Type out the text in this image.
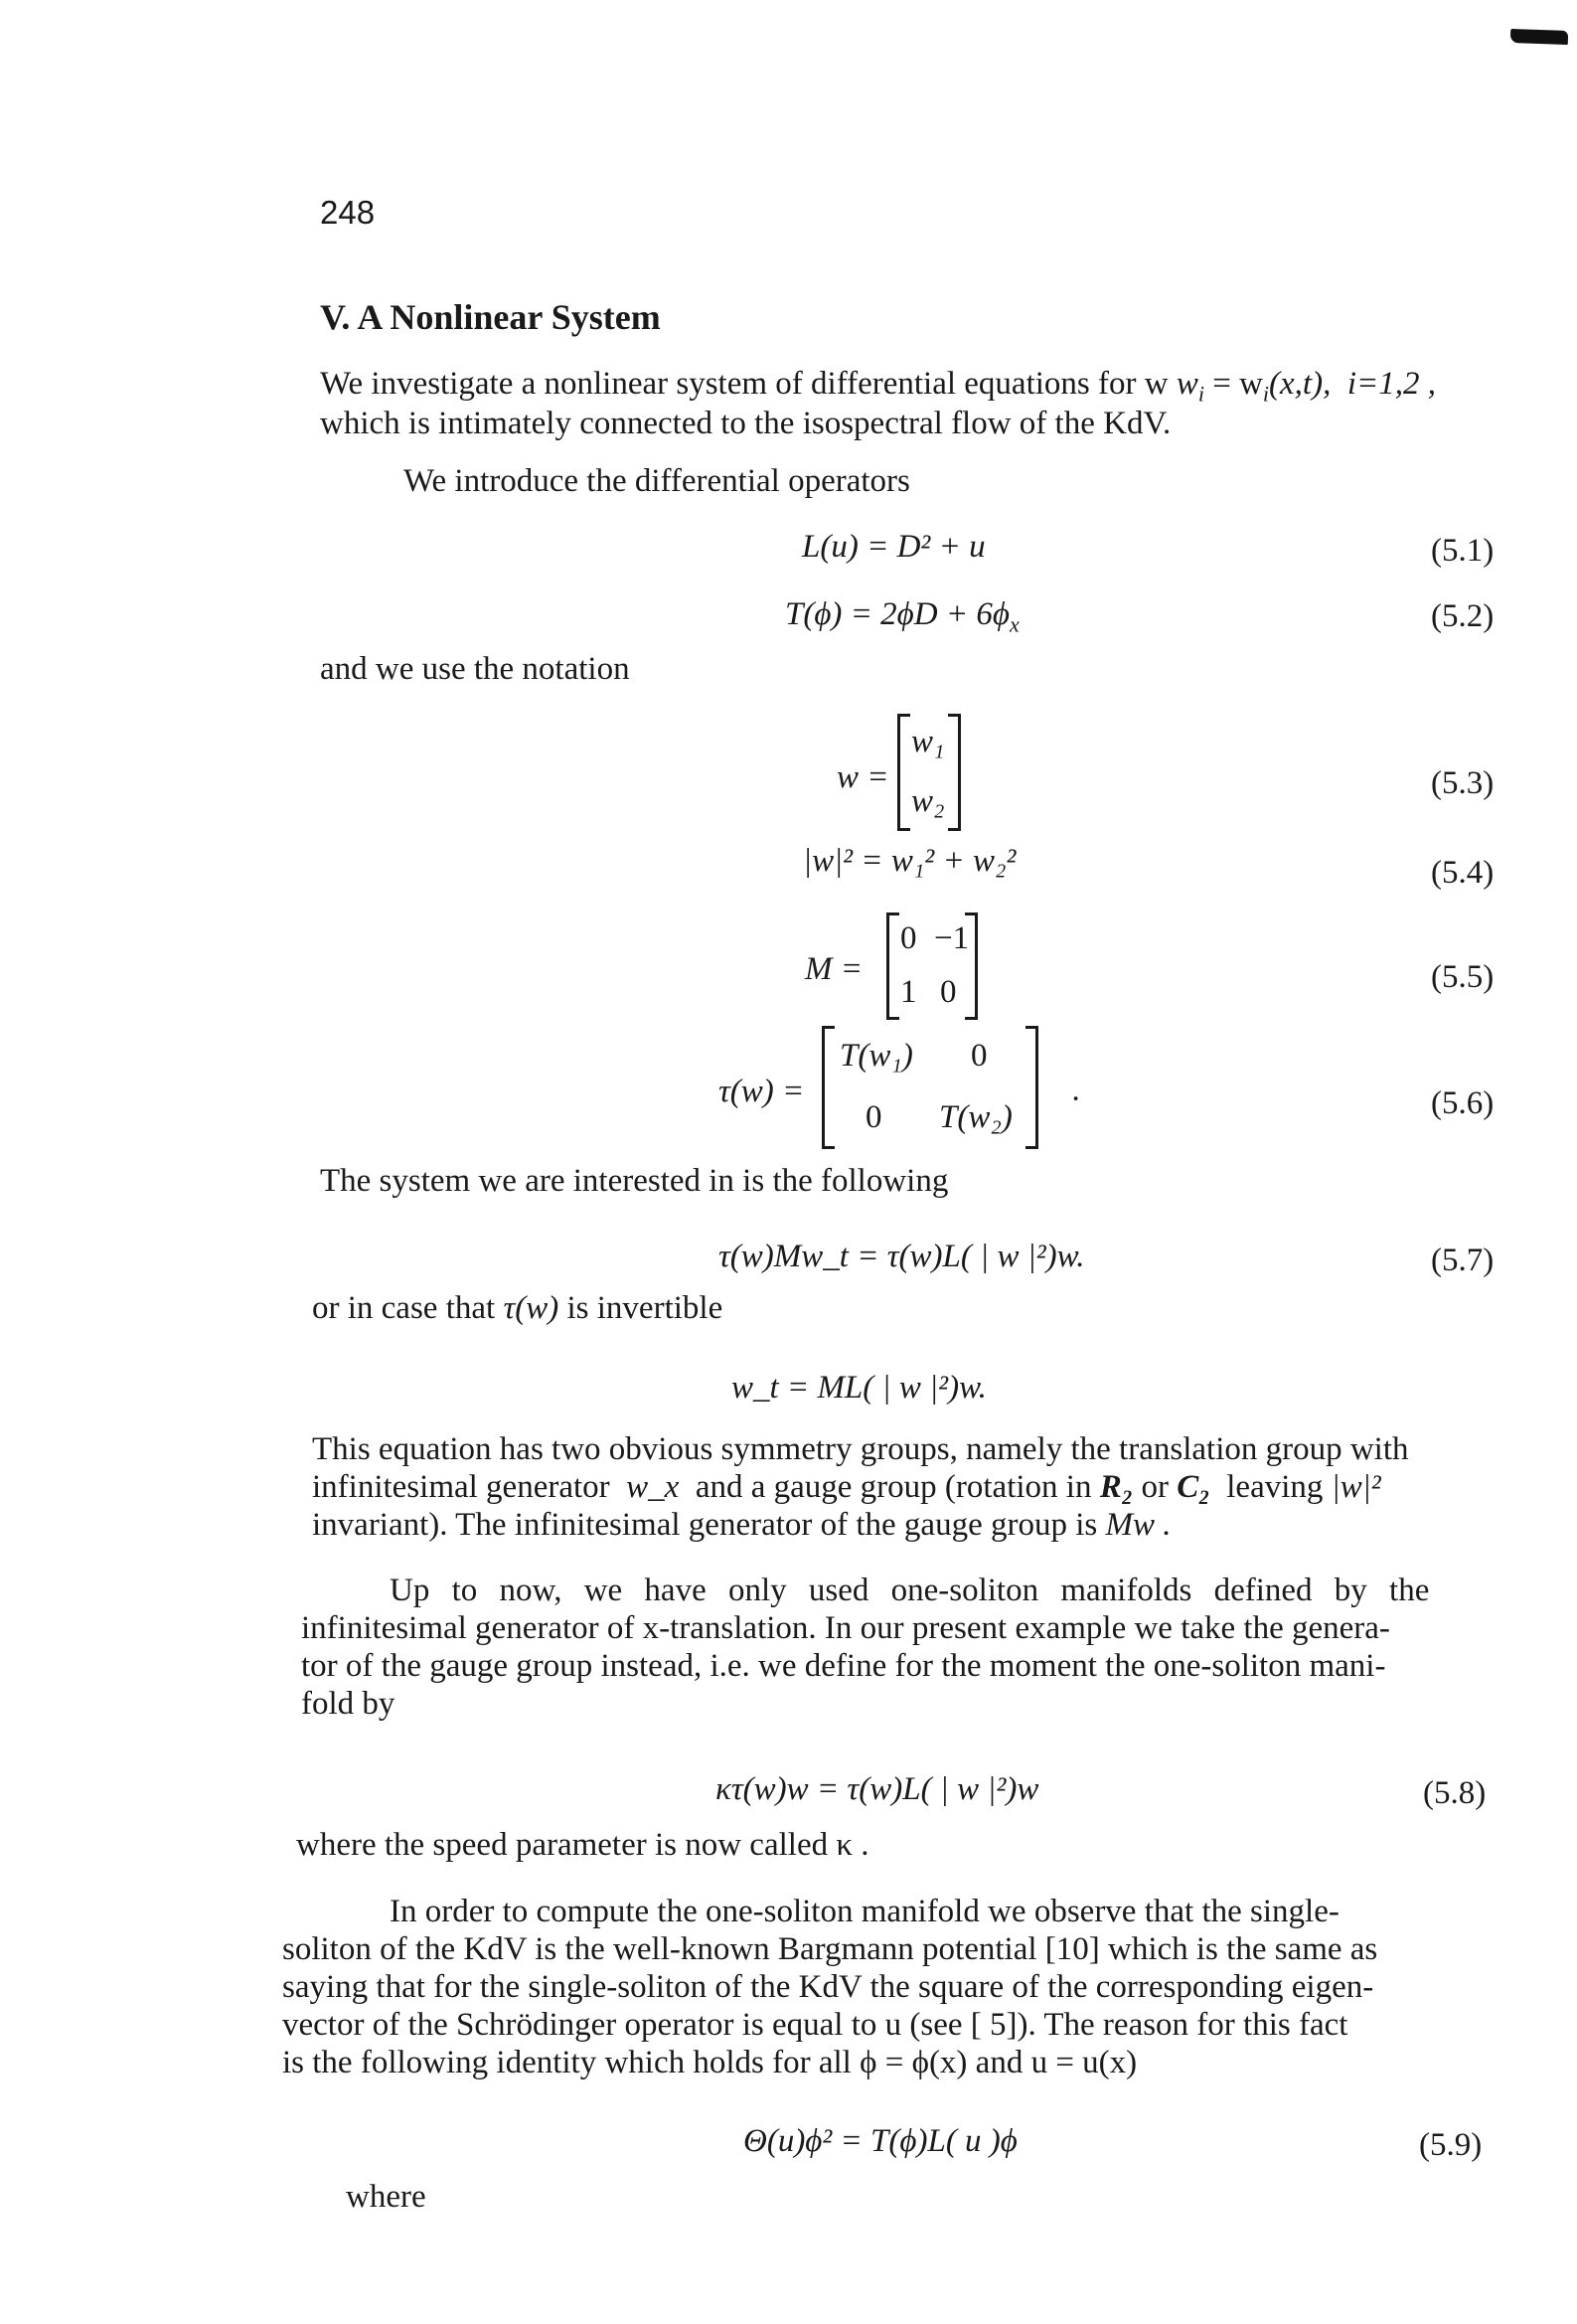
248
V. A Nonlinear System
We investigate a nonlinear system of differential equations for w $w_i = w_i(x,t)$, i=1,2 ,
which is intimately connected to the isospectral flow of the KdV.
We introduce the differential operators
L(u) = D² + u	(5.1)
$T(\phi) = 2\phi D + 6\phi_x$	(5.2)
and we use the notation
w =
w₁
w₂	(5.3)
|w|² = w₁² + w₂²	(5.4)
M =
0 −1
1 0	(5.5)
τ(w) =
T(w₁) 0
0 T(w₂) ·	(5.6)
The system we are interested in is the following
τ(w)Mw_t = τ(w)L( | w |²)w.	(5.7)
or in case that τ(w) is invertible
w_t = ML( | w |²)w.
This equation has two obvious symmetry groups, namely the translation group with
infinitesimal generator w_x and a gauge group (rotation in R₂ or C₂ leaving |w|²
invariant). The infinitesimal generator of the gauge group is Mw .
Up to now, we have only used one-soliton manifolds defined by the
infinitesimal generator of x-translation. In our present example we take the genera-
tor of the gauge group instead, i.e. we define for the moment the one-soliton mani-
fold by
κτ(w)w = τ(w)L( | w |²)w	(5.8)
where the speed parameter is now called κ .
In order to compute the one-soliton manifold we observe that the single-
soliton of the KdV is the well-known Bargmann potential [10] which is the same as
saying that for the single-soliton of the KdV the square of the corresponding eigen-
vector of the Schrödinger operator is equal to u (see [ 5]). The reason for this fact
is the following identity which holds for all ϕ = ϕ(x) and u = u(x)
Θ(u)ϕ² = T(ϕ)L( u )ϕ	(5.9)
where
